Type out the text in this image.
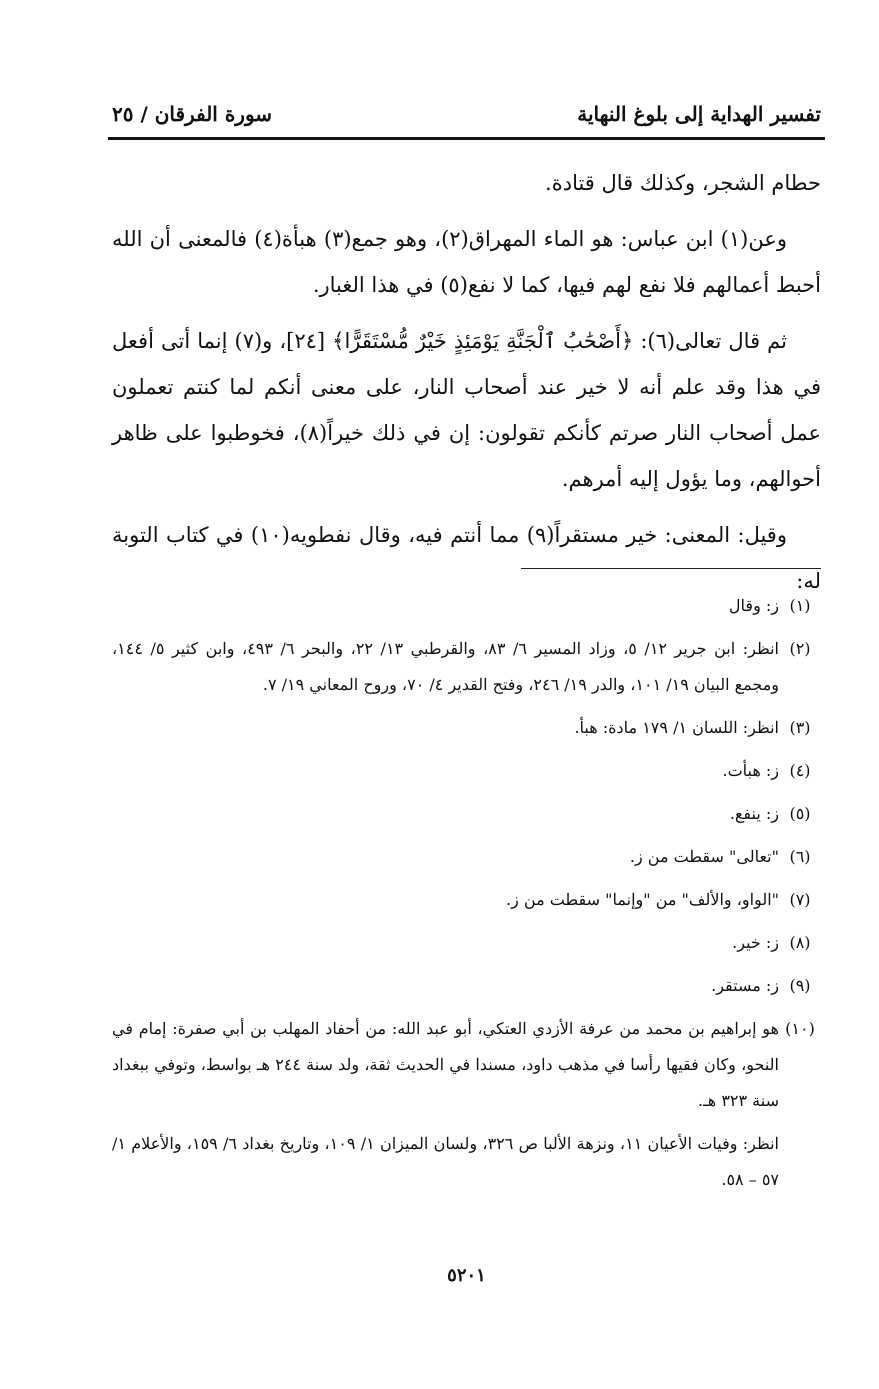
تفسير الهداية إلى بلوغ النهاية
سورة الفرقان / ٢٥

حطام الشجر، وكذلك قال قتادة.

وعن(١) ابن عباس: هو الماء المهراق(٢)، وهو جمع(٣) هبأة(٤) فالمعنى أن الله أحبط أعمالهم فلا نفع لهم فيها، كما لا نفع(٥) في هذا الغبار.

ثم قال تعالى(٦): ﴿أَصْحَٰبُ ٱلْجَنَّةِ يَوْمَئِذٍ خَيْرٌ مُّسْتَقَرًّا﴾ [٢٤]، و(٧) إنما أتى أفعل في هذا وقد علم أنه لا خير عند أصحاب النار، على معنى أنكم لما كنتم تعملون عمل أصحاب النار صرتم كأنكم تقولون: إن في ذلك خيراً(٨)، فخوطبوا على ظاهر أحوالهم، وما يؤول إليه أمرهم.

وقيل: المعنى: خير مستقراً(٩) مما أنتم فيه، وقال نفطويه(١٠) في كتاب التوبة له:

(١)
ز: وقال
(٢)
انظر: ابن جرير ١٢/ ٥، وزاد المسير ٦/ ٨٣، والقرطبي ١٣/ ٢٢، والبحر ٦/ ٤٩٣، وابن كثير ٥/ ١٤٤، ومجمع البيان ١٩/ ١٠١، والدر ١٩/ ٢٤٦، وفتح القدير ٤/ ٧٠، وروح المعاني ١٩/ ٧.
(٣)
انظر: اللسان ١/ ١٧٩ مادة: هبأ.
(٤)
ز: هبأت.
(٥)
ز: ينفع.
(٦)
"تعالى" سقطت من ز.
(٧)
"الواو، والألف" من "وإنما" سقطت من ز.
(٨)
ز: خير.
(٩)
ز: مستقر.
(١٠)
هو إبراهيم بن محمد من عرفة الأزدي العتكي، أبو عبد الله: من أحفاد المهلب بن أبي صفرة: إمام في النحو، وكان فقيها رأسا في مذهب داود، مسندا في الحديث ثقة، ولد سنة ٢٤٤ هـ بواسط، وتوفي ببغداد سنة ٣٢٣ هـ.
انظر: وفيات الأعيان ١١، ونزهة الألبا ص ٣٢٦، ولسان الميزان ١/ ١٠٩، وتاريخ بغداد ٦/ ١٥٩، والأعلام ١/ ٥٧ – ٥٨.
٥٢٠١
